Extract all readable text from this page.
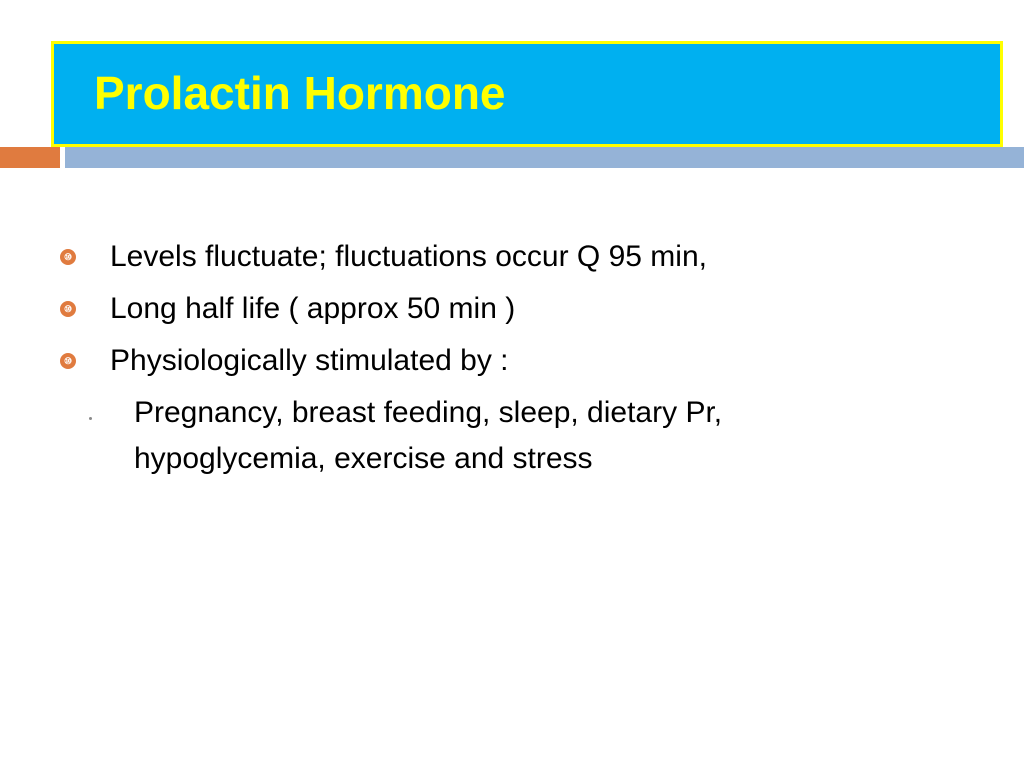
Prolactin Hormone
⑩ Levels fluctuate; fluctuations occur Q 95 min,
⑩ Long half life ( approx 50 min )
⑩ Physiologically stimulated by :
Pregnancy, breast feeding, sleep, dietary Pr,
hypoglycemia, exercise and stress
